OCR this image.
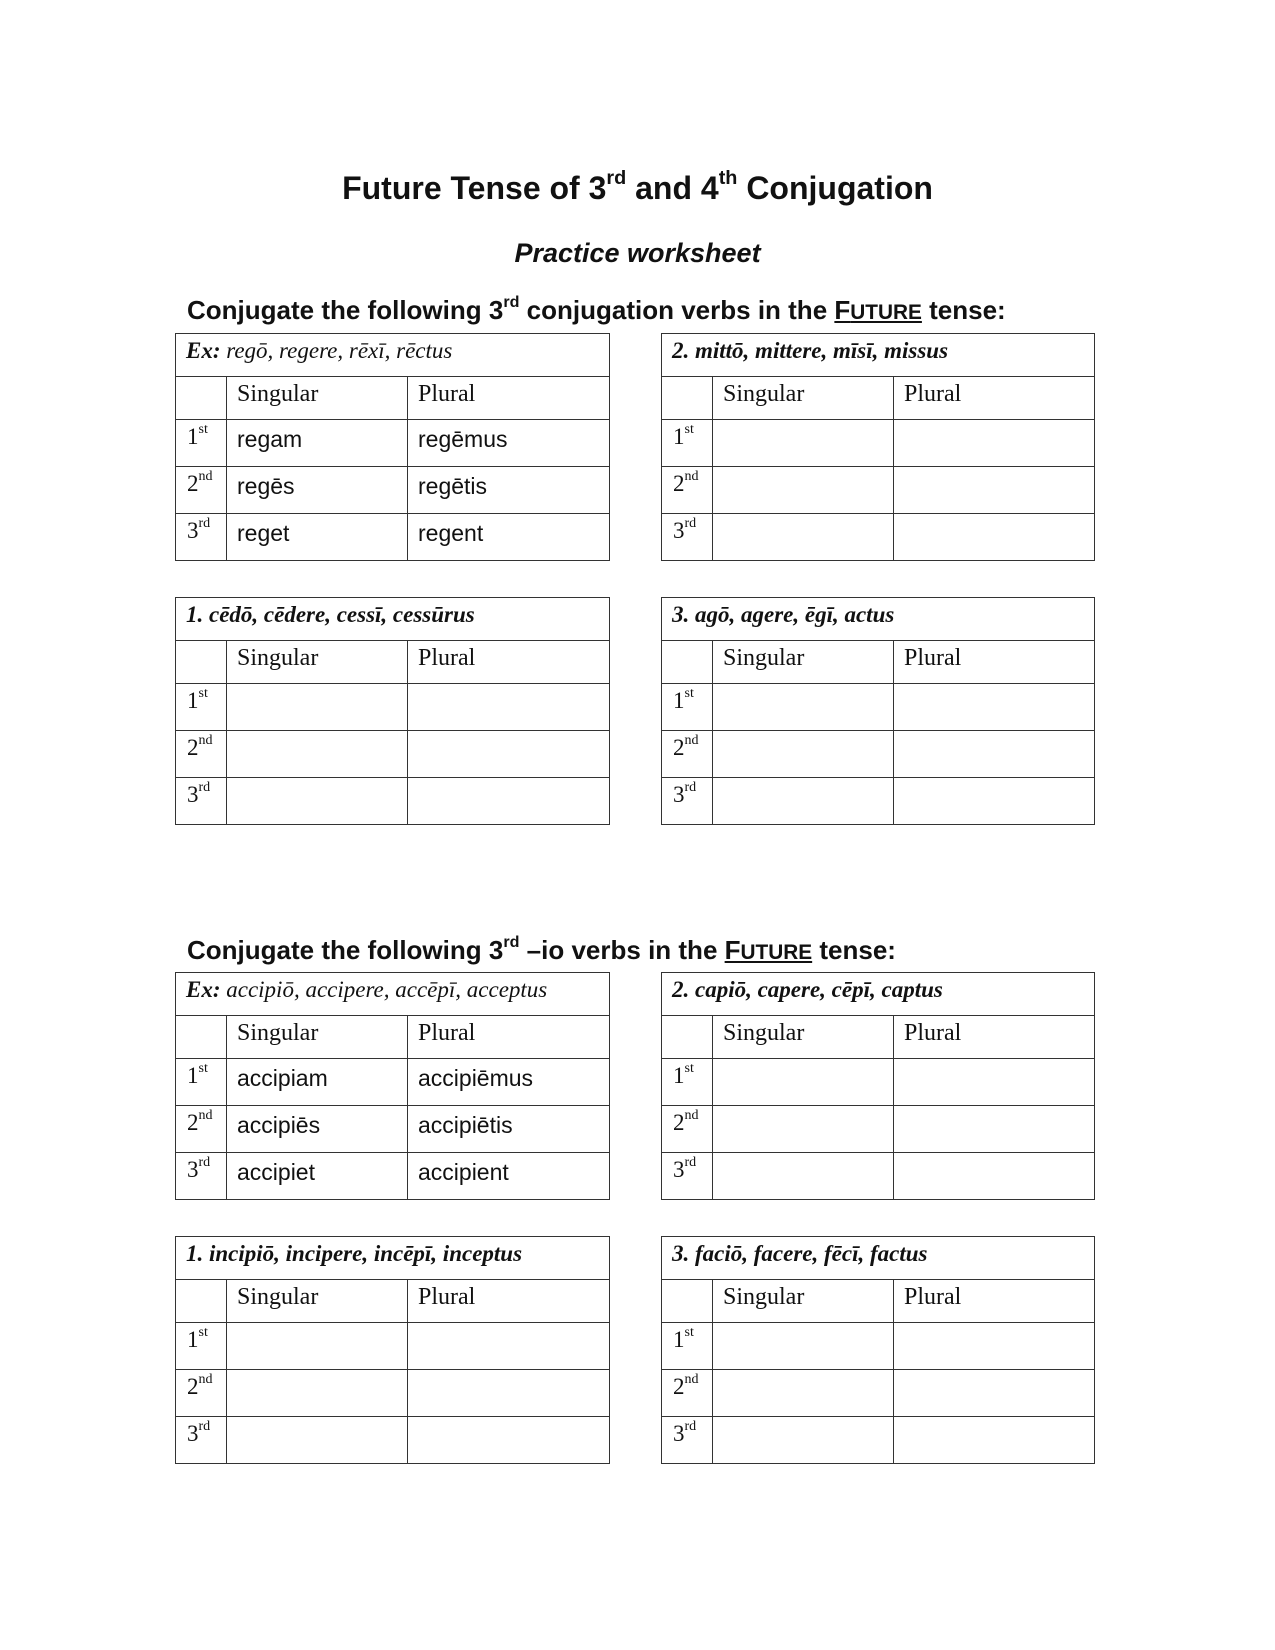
Future Tense of 3rd and 4th Conjugation
Practice worksheet
Conjugate the following 3rd conjugation verbs in the FUTURE tense:
Conjugate the following 3rd –io verbs in the FUTURE tense:
Ex: regō, regere, rēxī, rēctus		
	Singular	Plural
1st	regam	regēmus
2nd	regēs	regētis
3rd	reget	regent
2. mittō, mittere, mīsī, missus		
	Singular	Plural
1st		
2nd		
3rd		
1. cēdō, cēdere, cessī, cessūrus		
	Singular	Plural
1st		
2nd		
3rd		
3. agō, agere, ēgī, actus		
	Singular	Plural
1st		
2nd		
3rd		
Ex: accipiō, accipere, accēpī, acceptus		
	Singular	Plural
1st	accipiam	accipiēmus
2nd	accipiēs	accipiētis
3rd	accipiet	accipient
2. capiō, capere, cēpī, captus		
	Singular	Plural
1st		
2nd		
3rd		
1. incipiō, incipere, incēpī, inceptus		
	Singular	Plural
1st		
2nd		
3rd		
3. faciō, facere, fēcī, factus		
	Singular	Plural
1st		
2nd		
3rd		
